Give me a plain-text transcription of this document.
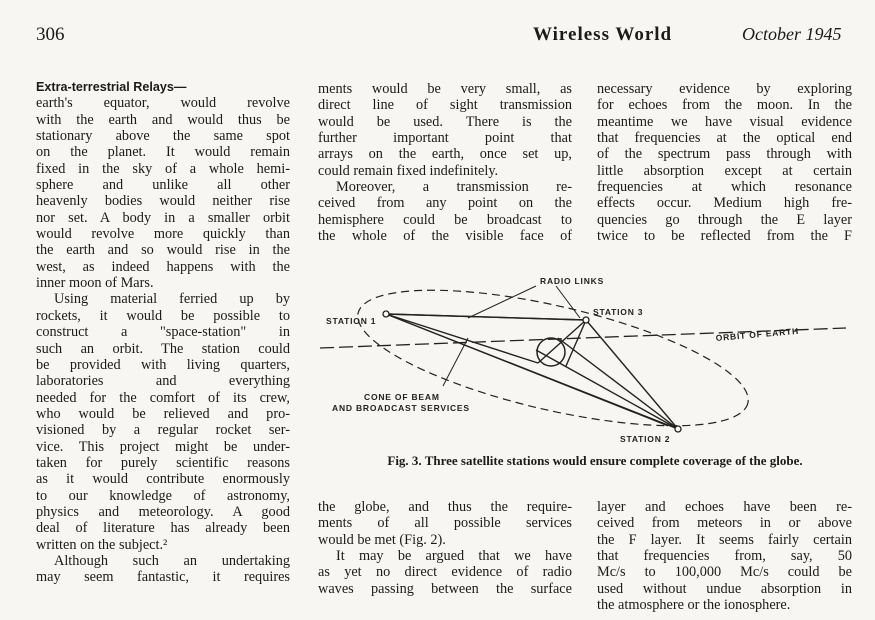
306	Wireless World	October 1945
Extra-terrestrial Relays—
earth's equator, would revolve
with the earth and would thus be
stationary above the same spot
on the planet. It would remain
fixed in the sky of a whole hemi-
sphere and unlike all other
heavenly bodies would neither rise
nor set. A body in a smaller orbit
would revolve more quickly than
the earth and so would rise in the
west, as indeed happens with the
inner moon of Mars.
Using material ferried up by
rockets, it would be possible to
construct a "space-station" in
such an orbit. The station could
be provided with living quarters,
laboratories and everything
needed for the comfort of its crew,
who would be relieved and pro-
visioned by a regular rocket ser-
vice. This project might be under-
taken for purely scientific reasons
as it would contribute enormously
to our knowledge of astronomy,
physics and meteorology. A good
deal of literature has already been
written on the subject.²
Although such an undertaking
may seem fantastic, it requires
ments would be very small, as
direct line of sight transmission
would be used. There is the
further important point that
arrays on the earth, once set up,
could remain fixed indefinitely.
Moreover, a transmission re-
ceived from any point on the
hemisphere could be broadcast to
the whole of the visible face of
necessary evidence by exploring
for echoes from the moon. In the
meantime we have visual evidence
that frequencies at the optical end
of the spectrum pass through with
little absorption except at certain
frequencies at which resonance
effects occur. Medium high fre-
quencies go through the E layer
twice to be reflected from the F
RADIO LINKS
STATION 1
STATION 3
STATION 2
ORBIT OF EARTH
CONE OF BEAM
AND BROADCAST SERVICES
Fig. 3. Three satellite stations would ensure complete coverage of the globe.
the globe, and thus the require-
ments of all possible services
would be met (Fig. 2).
It may be argued that we have
as yet no direct evidence of radio
waves passing between the surface
layer and echoes have been re-
ceived from meteors in or above
the F layer. It seems fairly certain
that frequencies from, say, 50
Mc/s to 100,000 Mc/s could be
used without undue absorption in
the atmosphere or the ionosphere.
